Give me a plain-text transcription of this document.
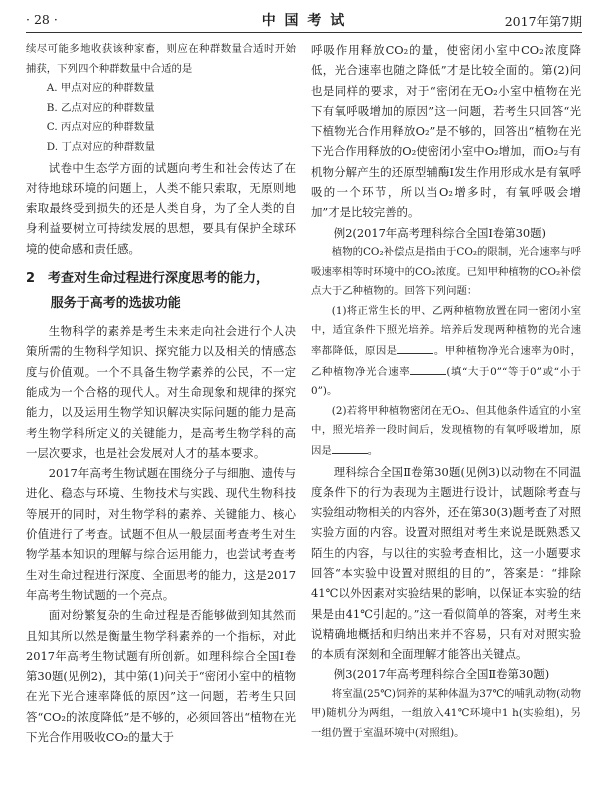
· 28 ·	中 国 考 试	2017年第7期

续尽可能多地收获该种家畜，则应在种群数量合适时开始捕获，下列四个种群数量中合适的是

A. 甲点对应的种群数量

B. 乙点对应的种群数量

C. 丙点对应的种群数量

D. 丁点对应的种群数量

试卷中生态学方面的试题向考生和社会传达了在对待地球环境的问题上，人类不能只索取，无原则地索取最终受到损失的还是人类自身，为了全人类的自身利益要树立可持续发展的思想，要具有保护全球环境的使命感和责任感。

2　考查对生命过程进行深度思考的能力，
服务于高考的选拔功能

生物科学的素养是考生未来走向社会进行个人决策所需的生物科学知识、探究能力以及相关的情感态度与价值观。一个不具备生物学素养的公民，不一定能成为一个合格的现代人。对生命现象和规律的探究能力，以及运用生物学知识解决实际问题的能力是高考生物学科所定义的关键能力，是高考生物学科的高一层次要求，也是社会发展对人才的基本要求。

2017年高考生物试题在围绕分子与细胞、遗传与进化、稳态与环境、生物技术与实践、现代生物科技等展开的同时，对生物学科的素养、关键能力、核心价值进行了考查。试题不但从一般层面考查考生对生物学基本知识的理解与综合运用能力，也尝试考查考生对生命过程进行深度、全面思考的能力，这是2017年高考生物试题的一个亮点。

面对纷繁复杂的生命过程是否能够做到知其然而且知其所以然是衡量生物学科素养的一个指标，对此2017年高考生物试题有所创新。如理科综合全国Ⅰ卷第30题(见例2)，其中第(1)问关于“密闭小室中的植物在光下光合速率降低的原因”这一问题，若考生只回答“CO₂的浓度降低”是不够的，必须回答出“植物在光下光合作用吸收CO₂的量大于

呼吸作用释放CO₂的量，使密闭小室中CO₂浓度降低，光合速率也随之降低”才是比较全面的。第(2)问也是同样的要求，对于“密闭在无O₂小室中植物在光下有氧呼吸增加的原因”这一问题，若考生只回答“光下植物光合作用释放O₂”是不够的，回答出“植物在光下光合作用释放的O₂使密闭小室中O₂增加，而O₂与有机物分解产生的还原型辅酶Ⅰ发生作用形成水是有氧呼吸的一个环节，所以当O₂增多时，有氧呼吸会增加”才是比较完善的。

例2(2017年高考理科综合全国Ⅰ卷第30题)

植物的CO₂补偿点是指由于CO₂的限制，光合速率与呼吸速率相等时环境中的CO₂浓度。已知甲种植物的CO₂补偿点大于乙种植物的。回答下列问题：

(1)将正常生长的甲、乙两种植物放置在同一密闭小室中，适宜条件下照光培养。培养后发现两种植物的光合速率都降低，原因是	。甲种植物净光合速率为0时，乙种植物净光合速率	(填“大于0”“等于0”或“小于0”)。

(2)若将甲种植物密闭在无O₂、但其他条件适宜的小室中，照光培养一段时间后，发现植物的有氧呼吸增加，原因是	。

理科综合全国Ⅱ卷第30题(见例3)以动物在不同温度条件下的行为表现为主题进行设计，试题除考查与实验组动物相关的内容外，还在第30(3)题考查了对照实验方面的内容。设置对照组对考生来说是既熟悉又陌生的内容，与以往的实验考查相比，这一小题要求回答“本实验中设置对照组的目的”，答案是：“排除41℃以外因素对实验结果的影响，以保证本实验的结果是由41℃引起的。”这一看似简单的答案，对考生来说精确地概括和归纳出来并不容易，只有对对照实验的本质有深刻和全面理解才能答出关键点。

例3(2017年高考理科综合全国Ⅱ卷第30题)

将室温(25℃)饲养的某种体温为37℃的哺乳动物(动物甲)随机分为两组，一组放入41℃环境中1 h(实验组)，另一组仍置于室温环境中(对照组)。
